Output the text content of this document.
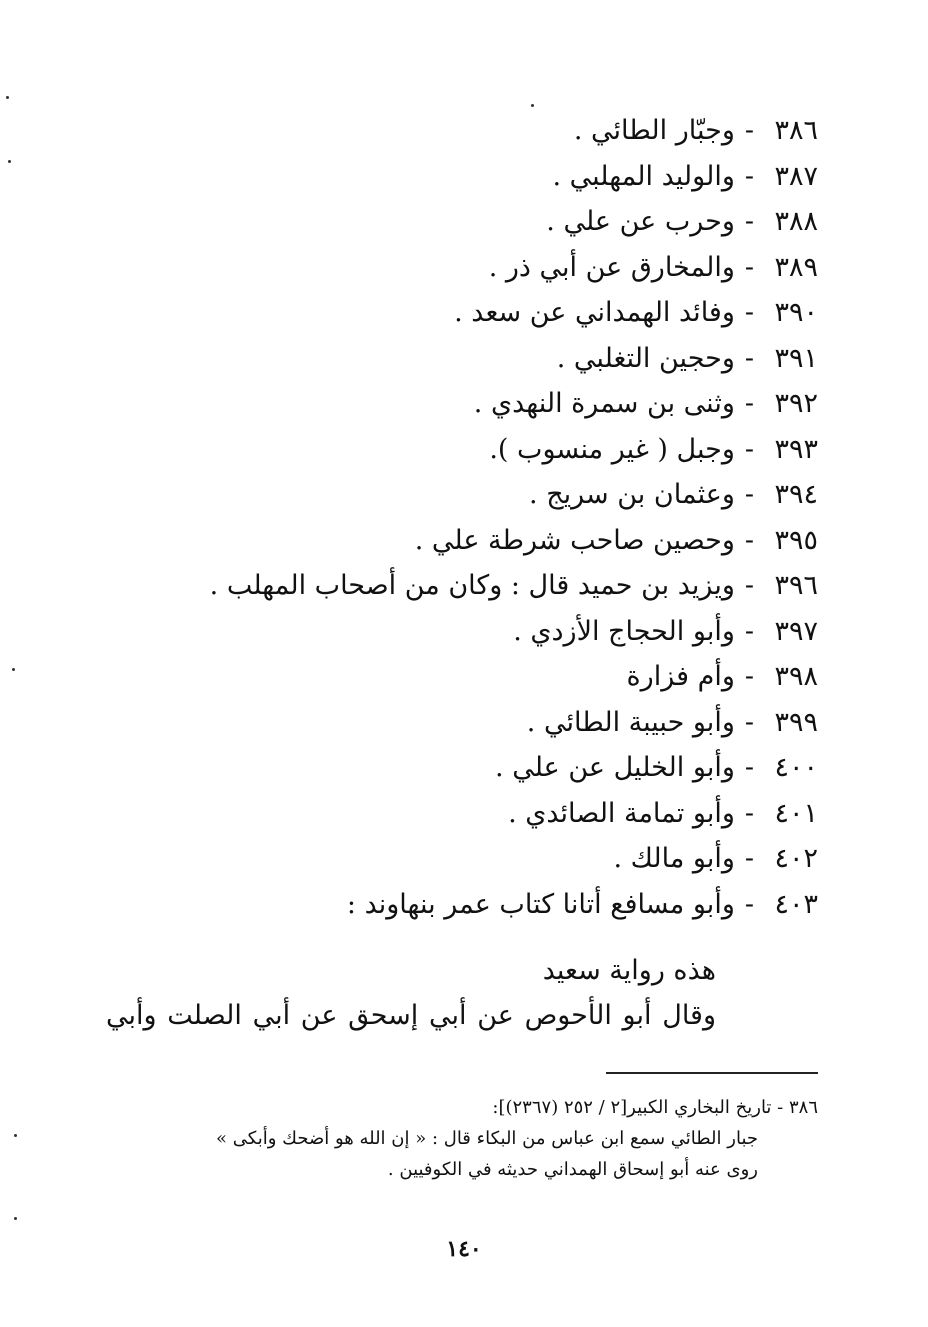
٣٨٦-وجبّار الطائي .
٣٨٧-والوليد المهلبي .
٣٨٨-وحرب عن علي .
٣٨٩-والمخارق عن أبي ذر .
٣٩٠-وفائد الهمداني عن سعد .
٣٩١-وحجين التغلبي .
٣٩٢-وثنى بن سمرة النهدي .
٣٩٣-وجبل ( غير منسوب ).
٣٩٤-وعثمان بن سريج .
٣٩٥-وحصين صاحب شرطة علي .
٣٩٦-ويزيد بن حميد قال : وكان من أصحاب المهلب .
٣٩٧-وأبو الحجاج الأزدي .
٣٩٨-وأم فزارة
٣٩٩-وأبو حبيبة الطائي .
٤٠٠-وأبو الخليل عن علي .
٤٠١-وأبو تمامة الصائدي .
٤٠٢-وأبو مالك .
٤٠٣-وأبو مسافع أتانا كتاب عمر بنهاوند :
هذه رواية سعيد
وقال أبو الأحوص عن أبي إسحق عن أبي الصلت وأبي
٣٨٦ - تاريخ البخاري الكبير[٢ / ٢٥٢ (٢٣٦٧)]:
جبار الطائي سمع ابن عباس من البكاء قال : « إن الله هو أضحك وأبكى »
روى عنه أبو إسحاق الهمداني حديثه في الكوفيين .
١٤٠
